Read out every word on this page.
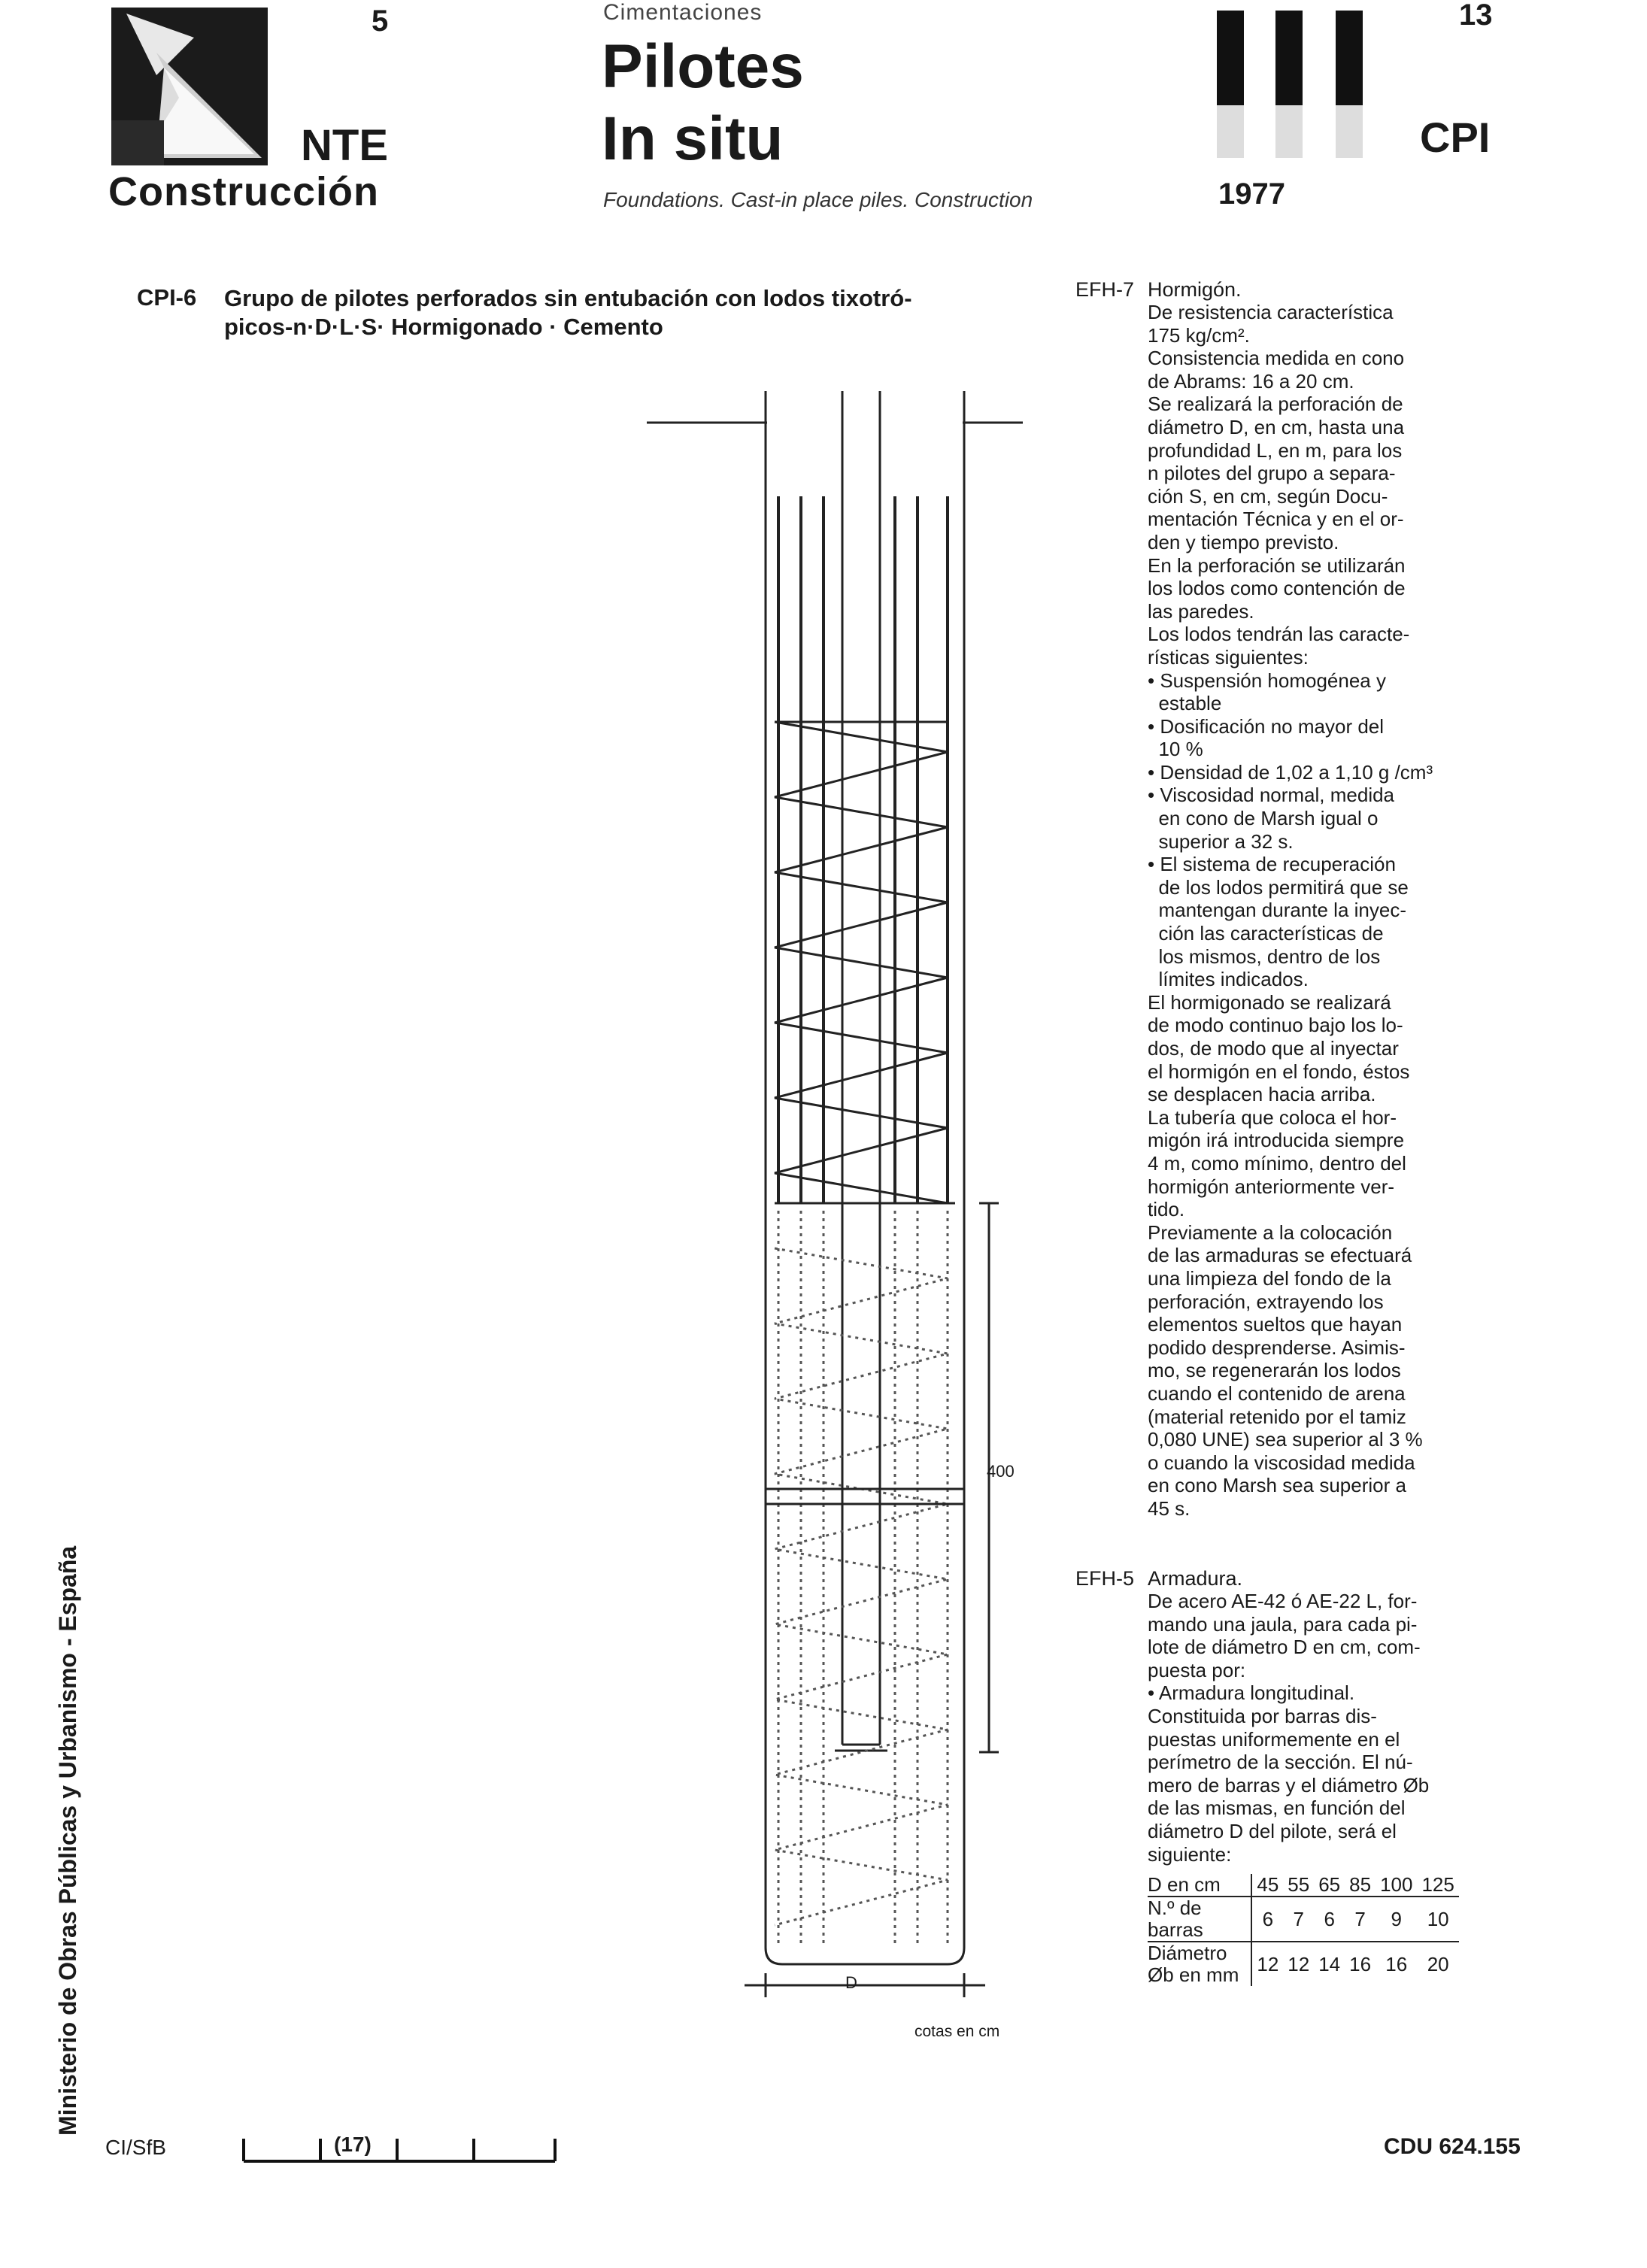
5
NTE
Construcción
Cimentaciones
Pilotes
In situ
Foundations. Cast-in place piles. Construction
13
CPI
1977
CPI-6 Grupo de pilotes perforados sin entubación con lodos tixotró-
picos-n·D·L·S· Hormigonado · Cemento
400
D
cotas en cm
EFH-7 Hormigón.

De resistencia característica

175 kg/cm².

Consistencia medida en cono

de Abrams: 16 a 20 cm.

Se realizará la perforación de

diámetro D, en cm, hasta una

profundidad L, en m, para los

n pilotes del grupo a separa-

ción S, en cm, según Docu-

mentación Técnica y en el or-

den y tiempo previsto.

En la perforación se utilizarán

los lodos como contención de

las paredes.

Los lodos tendrán las caracte-

rísticas siguientes:

• Suspensión homogénea y

estable

• Dosificación no mayor del

10 %

• Densidad de 1,02 a 1,10 g /cm³

• Viscosidad normal, medida

en cono de Marsh igual o

superior a 32 s.

• El sistema de recuperación

de los lodos permitirá que se

mantengan durante la inyec-

ción las características de

los mismos, dentro de los

límites indicados.

El hormigonado se realizará

de modo continuo bajo los lo-

dos, de modo que al inyectar

el hormigón en el fondo, éstos

se desplacen hacia arriba.

La tubería que coloca el hor-

migón irá introducida siempre

4 m, como mínimo, dentro del

hormigón anteriormente ver-

tido.

Previamente a la colocación

de las armaduras se efectuará

una limpieza del fondo de la

perforación, extrayendo los

elementos sueltos que hayan

podido desprenderse. Asimis-

mo, se regenerarán los lodos

cuando el contenido de arena

(material retenido por el tamiz

0,080 UNE) sea superior al 3 %

o cuando la viscosidad medida

en cono Marsh sea superior a

45 s.

EFH-5 Armadura.

De acero AE-42 ó AE-22 L, for-

mando una jaula, para cada pi-

lote de diámetro D en cm, com-

puesta por:

• Armadura longitudinal.

Constituida por barras dis-

puestas uniformemente en el

perímetro de la sección. El nú-

mero de barras y el diámetro Øb

de las mismas, en función del

diámetro D del pilote, será el

siguiente:

D en cm	45	55	65	85	100	125
N.º de
barras	6	7	6	7	9	10
Diámetro
Øb en mm	12	12	14	16	16	20
Ministerio de Obras Públicas y Urbanismo - España
CI/SfB	(17)	CDU 624.155
